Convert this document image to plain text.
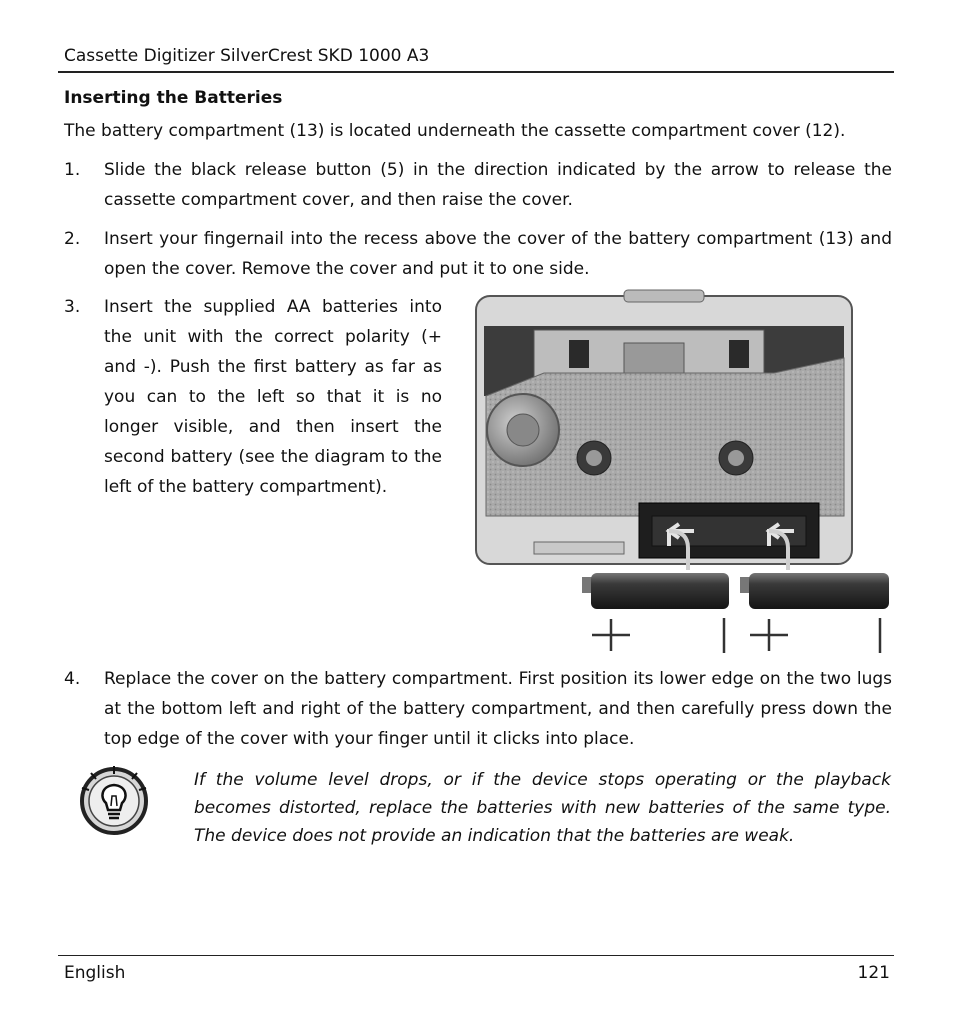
Cassette Digitizer SilverCrest SKD 1000 A3
Inserting the Batteries
The battery compartment (13) is located underneath the cassette compartment cover (12).
1. Slide the black release button (5) in the direction indicated by the arrow to release the cassette compartment cover, and then raise the cover.
2. Insert your fingernail into the recess above the cover of the battery compartment (13) and open the cover. Remove the cover and put it to one side.
3. Insert the supplied AA batteries into the unit with the correct polarity (+ and -). Push the first battery as far as you can to the left so that it is no longer visible, and then insert the second battery (see the diagram to the left of the battery compartment).
4. Replace the cover on the battery compartment. First position its lower edge on the two lugs at the bottom left and right of the battery compartment, and then carefully press down the top edge of the cover with your finger until it clicks into place.
If the volume level drops, or if the device stops operating or the playback becomes distorted, replace the batteries with new batteries of the same type. The device does not provide an indication that the batteries are weak.
English	121
